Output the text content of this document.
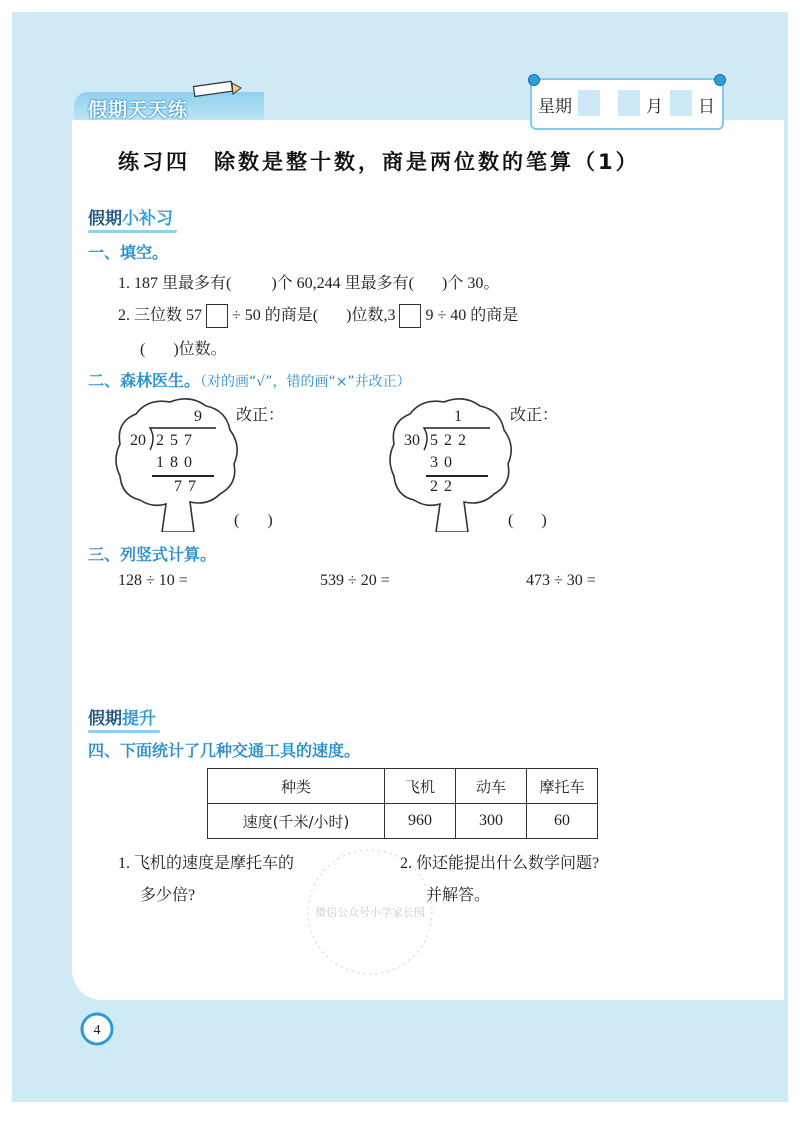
假期天天练	星期	月 日
练习四　除数是整十数，商是两位数的笔算（1）
假期小补习
一、填空。
1. 187 里最多有(          )个 60,244 里最多有(       )个 30。
2. 三位数 57 ÷ 50 的商是(       )位数,3 9 ÷ 40 的商是
(       )位数。
二、森林医生。（对的画“√”，错的画“×”并改正）
9
20 2 5 7
1 8 0
7 7
改正：
(       )
1
30 5 2 2
3 0
2 2
改正：
(       )
三、列竖式计算。
128 ÷ 10 =	539 ÷ 20 =	473 ÷ 30 =
假期提升
四、下面统计了几种交通工具的速度。
种类	飞机	动车	摩托车
速度(千米/小时)	960	300	60
1. 飞机的速度是摩托车的
多少倍?
2. 你还能提出什么数学问题?
并解答。
微信公众号小学家长园
4
